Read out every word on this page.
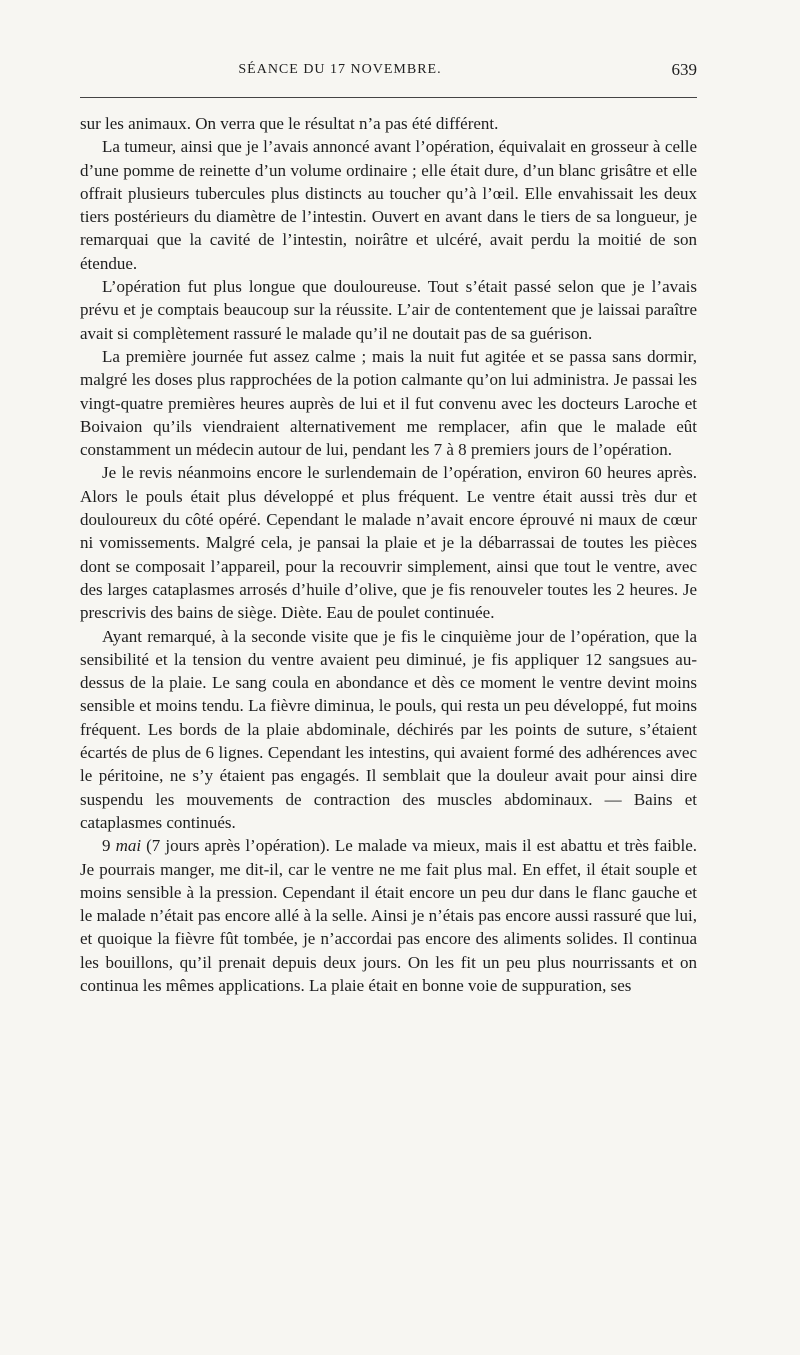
SÉANCE DU 17 NOVEMBRE.	639

sur les animaux. On verra que le résultat n’a pas été différent.

La tumeur, ainsi que je l’avais annoncé avant l’opération, équivalait en grosseur à celle d’une pomme de reinette d’un volume ordinaire ; elle était dure, d’un blanc grisâtre et elle offrait plusieurs tubercules plus distincts au toucher qu’à l’œil. Elle envahissait les deux tiers postérieurs du diamètre de l’intestin. Ouvert en avant dans le tiers de sa longueur, je remarquai que la cavité de l’intestin, noirâtre et ulcéré, avait perdu la moitié de son étendue.

L’opération fut plus longue que douloureuse. Tout s’était passé selon que je l’avais prévu et je comptais beaucoup sur la réussite. L’air de contentement que je laissai paraître avait si complètement rassuré le malade qu’il ne doutait pas de sa guérison.

La première journée fut assez calme ; mais la nuit fut agitée et se passa sans dormir, malgré les doses plus rapprochées de la potion calmante qu’on lui administra. Je passai les vingt-quatre premières heures auprès de lui et il fut convenu avec les docteurs Laroche et Boivaion qu’ils viendraient alternativement me remplacer, afin que le malade eût constamment un médecin autour de lui, pendant les 7 à 8 premiers jours de l’opération.

Je le revis néanmoins encore le surlendemain de l’opération, environ 60 heures après. Alors le pouls était plus développé et plus fréquent. Le ventre était aussi très dur et douloureux du côté opéré. Cependant le malade n’avait encore éprouvé ni maux de cœur ni vomissements. Malgré cela, je pansai la plaie et je la débarrassai de toutes les pièces dont se composait l’appareil, pour la recouvrir simplement, ainsi que tout le ventre, avec des larges cataplasmes arrosés d’huile d’olive, que je fis renouveler toutes les 2 heures. Je prescrivis des bains de siège. Diète. Eau de poulet continuée.

Ayant remarqué, à la seconde visite que je fis le cinquième jour de l’opération, que la sensibilité et la tension du ventre avaient peu diminué, je fis appliquer 12 sangsues au-dessus de la plaie. Le sang coula en abondance et dès ce moment le ventre devint moins sensible et moins tendu. La fièvre diminua, le pouls, qui resta un peu développé, fut moins fréquent. Les bords de la plaie abdominale, déchirés par les points de suture, s’étaient écartés de plus de 6 lignes. Cependant les intestins, qui avaient formé des adhérences avec le péritoine, ne s’y étaient pas engagés. Il semblait que la douleur avait pour ainsi dire suspendu les mouvements de contraction des muscles abdominaux. — Bains et cataplasmes continués.

9 mai (7 jours après l’opération). Le malade va mieux, mais il est abattu et très faible. Je pourrais manger, me dit-il, car le ventre ne me fait plus mal. En effet, il était souple et moins sensible à la pression. Cependant il était encore un peu dur dans le flanc gauche et le malade n’était pas encore allé à la selle. Ainsi je n’étais pas encore aussi rassuré que lui, et quoique la fièvre fût tombée, je n’accordai pas encore des aliments solides. Il continua les bouillons, qu’il prenait depuis deux jours. On les fit un peu plus nourrissants et on continua les mêmes applications. La plaie était en bonne voie de suppuration, ses
